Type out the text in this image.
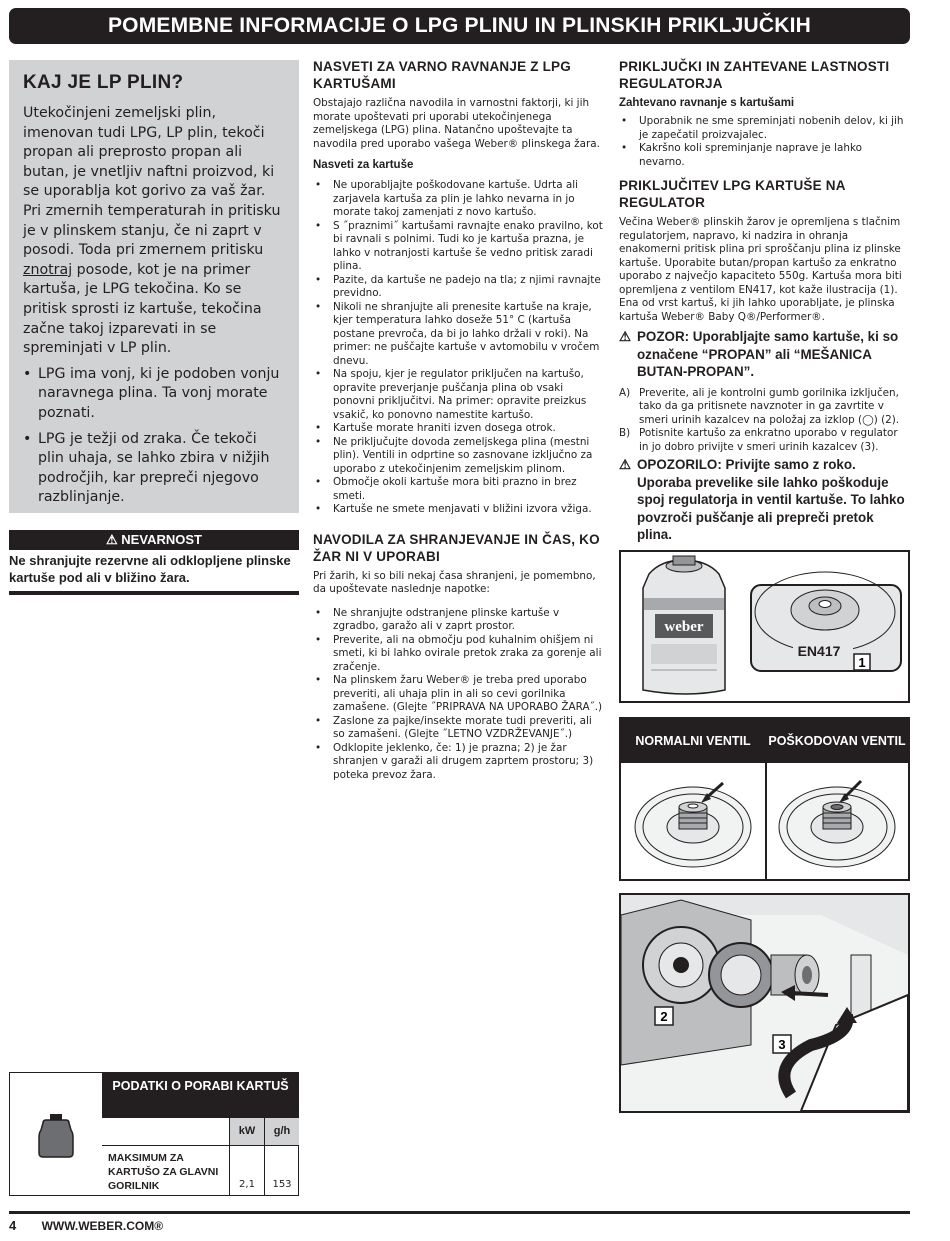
POMEMBNE INFORMACIJE O LPG PLINU IN PLINSKIH PRIKLJUČKIH
KAJ JE LP PLIN?

Utekočinjeni zemeljski plin, imenovan tudi LPG, LP plin, tekoči propan ali preprosto propan ali butan, je vnetljiv naftni proizvod, ki se uporablja kot gorivo za vaš žar. Pri zmernih temperaturah in pritisku je v plinskem stanju, če ni zaprt v posodi. Toda pri zmernem pritisku znotraj posode, kot je na primer kartuša, je LPG tekočina. Ko se pritisk sprosti iz kartuše, tekočina začne takoj izparevati in se spreminjati v LP plin.

• LPG ima vonj, ki je podoben vonju naravnega plina. Ta vonj morate poznati.
• LPG je težji od zraka. Če tekoči plin uhaja, se lahko zbira v nižjih področjih, kar prepreči njegovo razblinjanje.
⚠ NEVARNOST
Ne shranjujte rezervne ali odklopljene plinske kartuše pod ali v bližino žara.
PODATKI O PORABI KARTUŠ
kW	g/h
MAKSIMUM ZA KARTUŠO ZA GLAVNI GORILNIK	2,1	153
NASVETI ZA VARNO RAVNANJE Z LPG KARTUŠAMI

Obstajajo različna navodila in varnostni faktorji, ki jih morate upoštevati pri uporabi utekočinjenega zemeljskega (LPG) plina. Natančno upoštevajte ta navodila pred uporabo vašega Weber® plinskega žara.

Nasveti za kartuše
• Ne uporabljajte poškodovane kartuše. Udrta ali zarjavela kartuša za plin je lahko nevarna in jo morate takoj zamenjati z novo kartušo.
• S ˝praznimi˝ kartušami ravnajte enako pravilno, kot bi ravnali s polnimi. Tudi ko je kartuša prazna, je lahko v notranjosti kartuše še vedno pritisk zaradi plina.
• Pazite, da kartuše ne padejo na tla; z njimi ravnajte previdno.
• Nikoli ne shranjujte ali prenesite kartuše na kraje, kjer temperatura lahko doseže 51° C (kartuša postane prevroča, da bi jo lahko držali v roki). Na primer: ne puščajte kartuše v avtomobilu v vročem dnevu.
• Na spoju, kjer je regulator priključen na kartušo, opravite preverjanje puščanja plina ob vsaki ponovni priključitvi. Na primer: opravite preizkus vsakič, ko ponovno namestite kartušo.
• Kartuše morate hraniti izven dosega otrok.
• Ne priključujte dovoda zemeljskega plina (mestni plin). Ventili in odprtine so zasnovane izključno za uporabo z utekočinjenim zemeljskim plinom.
• Območje okoli kartuše mora biti prazno in brez smeti.
• Kartuše ne smete menjavati v bližini izvora vžiga.
NAVODILA ZA SHRANJEVANJE IN ČAS, KO ŽAR NI V UPORABI

Pri žarih, ki so bili nekaj časa shranjeni, je pomembno, da upoštevate naslednje napotke:

• Ne shranjujte odstranjene plinske kartuše v zgradbo, garažo ali v zaprt prostor.
• Preverite, ali na območju pod kuhalnim ohišjem ni smeti, ki bi lahko ovirale pretok zraka za gorenje ali zračenje.
• Na plinskem žaru Weber® je treba pred uporabo preveriti, ali uhaja plin in ali so cevi gorilnika zamašene. (Glejte ˝PRIPRAVA NA UPORABO ŽARA˝.)
• Zaslone za pajke/insekte morate tudi preveriti, ali so zamašeni. (Glejte ˝LETNO VZDRŽEVANJE˝.)
• Odklopite jeklenko, če: 1) je prazna; 2) je žar shranjen v garaži ali drugem zaprtem prostoru; 3) poteka prevoz žara.
PRIKLJUČKI IN ZAHTEVANE LASTNOSTI REGULATORJA
Zahtevano ravnanje s kartušami
• Uporabnik ne sme spreminjati nobenih delov, ki jih je zapečatil proizvajalec.
• Kakršno koli spreminjanje naprave je lahko nevarno.
PRIKLJUČITEV LPG KARTUŠE NA REGULATOR

Večina Weber® plinskih žarov je opremljena s tlačnim regulatorjem, napravo, ki nadzira in ohranja enakomerni pritisk plina pri sproščanju plina iz plinske kartuše. Uporabite butan/propan kartušo za enkratno uporabo z največjo kapaciteto 550g. Kartuša mora biti opremljena z ventilom EN417, kot kaže ilustracija (1). Ena od vrst kartuš, ki jih lahko uporabljate, je plinska kartuša Weber® Baby Q®/Performer®.

⚠ POZOR: Uporabljajte samo kartuše, ki so označene “PROPAN” ali “MEŠANICA BUTAN-PROPAN”.
A) Preverite, ali je kontrolni gumb gorilnika izključen, tako da ga pritisnete navznoter in ga zavrtite v smeri urinih kazalcev na položaj za izklop (◯) (2).
B) Potisnite kartušo za enkratno uporabo v regulator in jo dobro privijte v smeri urinih kazalcev (3).
⚠ OPOZORILO: Privijte samo z roko. Uporaba prevelike sile lahko poškoduje spoj regulatorja in ventil kartuše. To lahko povzroči puščanje ali prepreči pretok plina.
weber
EN417
1
NORMALNI VENTIL	POŠKODOVAN VENTIL
2
3
4 WWW.WEBER.COM®
